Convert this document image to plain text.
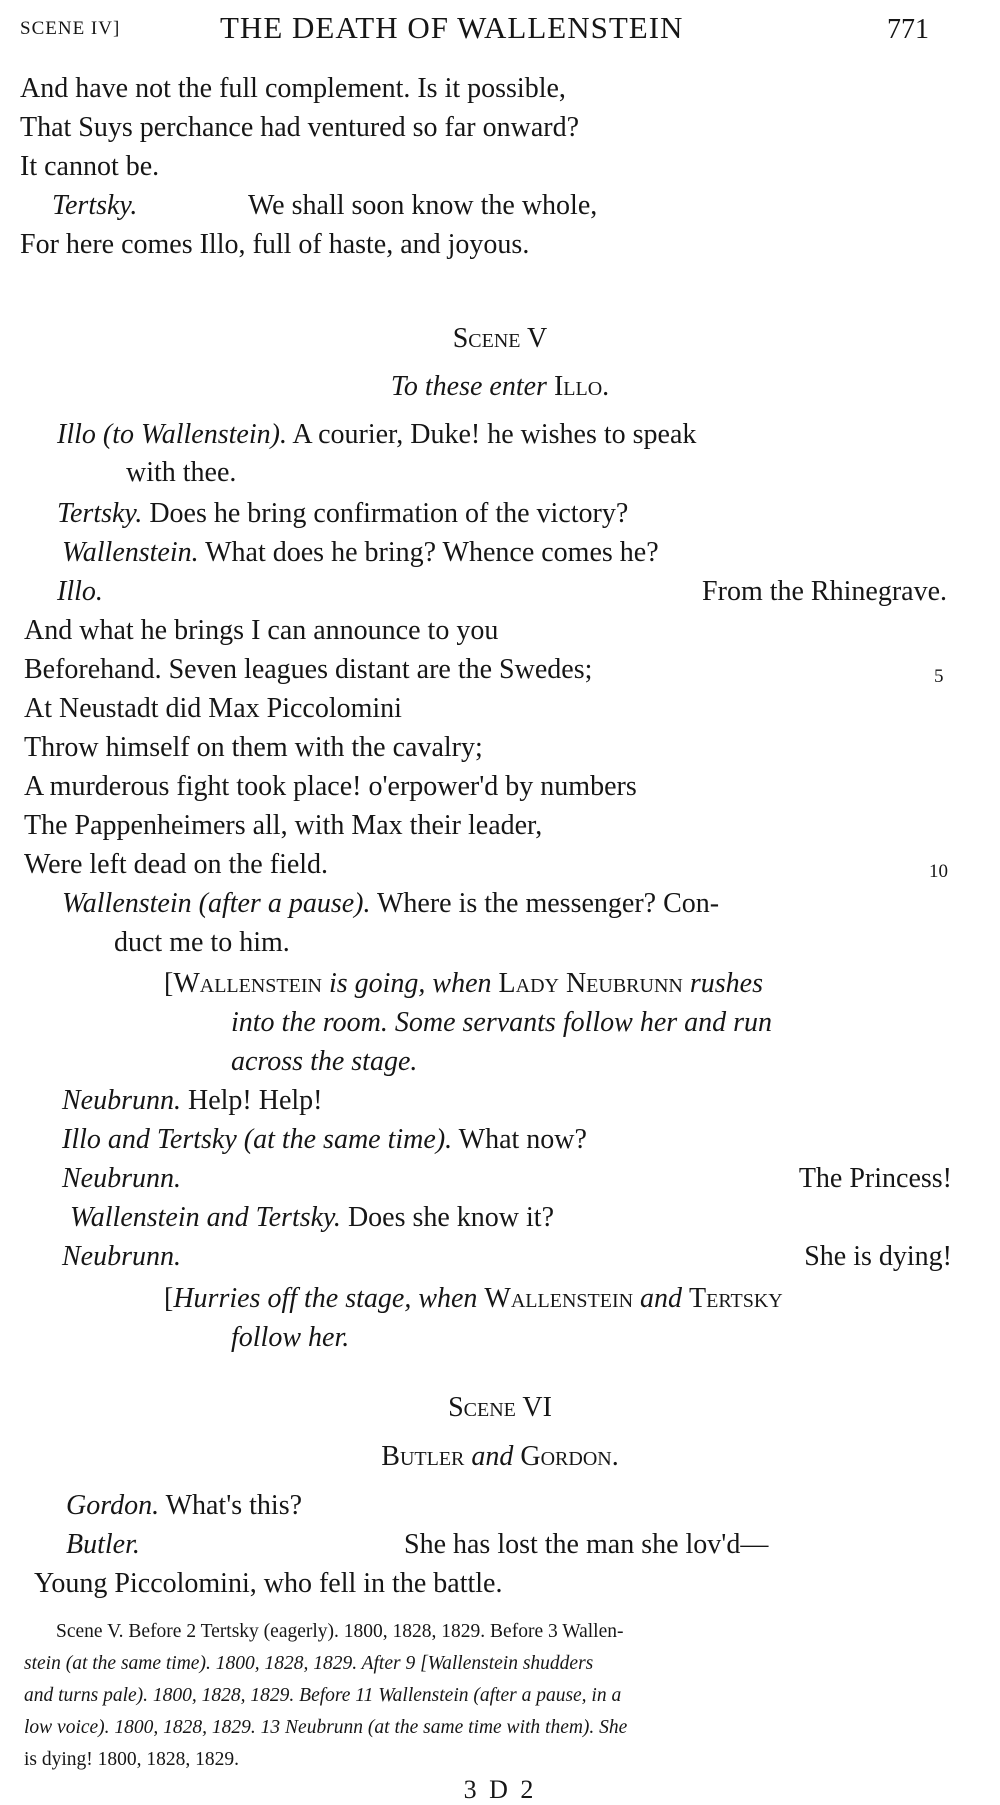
SCENE IV]	THE DEATH OF WALLENSTEIN	771
And have not the full complement. Is it possible,
That Suys perchance had ventured so far onward?
It cannot be.
Tertsky.	We shall soon know the whole,
For here comes Illo, full of haste, and joyous.
Scene V
To these enter Illo.
Illo (to Wallenstein). A courier, Duke! he wishes to speak
with thee.
Tertsky. Does he bring confirmation of the victory?
Wallenstein. What does he bring? Whence comes he?
Illo.	From the Rhinegrave.
And what he brings I can announce to you
Beforehand. Seven leagues distant are the Swedes;	5
At Neustadt did Max Piccolomini
Throw himself on them with the cavalry;
A murderous fight took place! o'erpower'd by numbers
The Pappenheimers all, with Max their leader,
Were left dead on the field.	10
Wallenstein (after a pause). Where is the messenger? Con-
duct me to him.
[Wallenstein is going, when Lady Neubrunn rushes
into the room. Some servants follow her and run
across the stage.
Neubrunn. Help! Help!
Illo and Tertsky (at the same time). What now?
Neubrunn.	The Princess!
Wallenstein and Tertsky. Does she know it?
Neubrunn.	She is dying!
[Hurries off the stage, when Wallenstein and Tertsky
follow her.
Scene VI
Butler and Gordon.
Gordon. What's this?
Butler.	She has lost the man she lov'd—
Young Piccolomini, who fell in the battle.
Scene V. Before 2 Tertsky (eagerly). 1800, 1828, 1829. Before 3 Wallen-
stein (at the same time). 1800, 1828, 1829. After 9 [Wallenstein shudders
and turns pale). 1800, 1828, 1829. Before 11 Wallenstein (after a pause, in a
low voice). 1800, 1828, 1829. 13 Neubrunn (at the same time with them). She
is dying! 1800, 1828, 1829.
3 D 2
